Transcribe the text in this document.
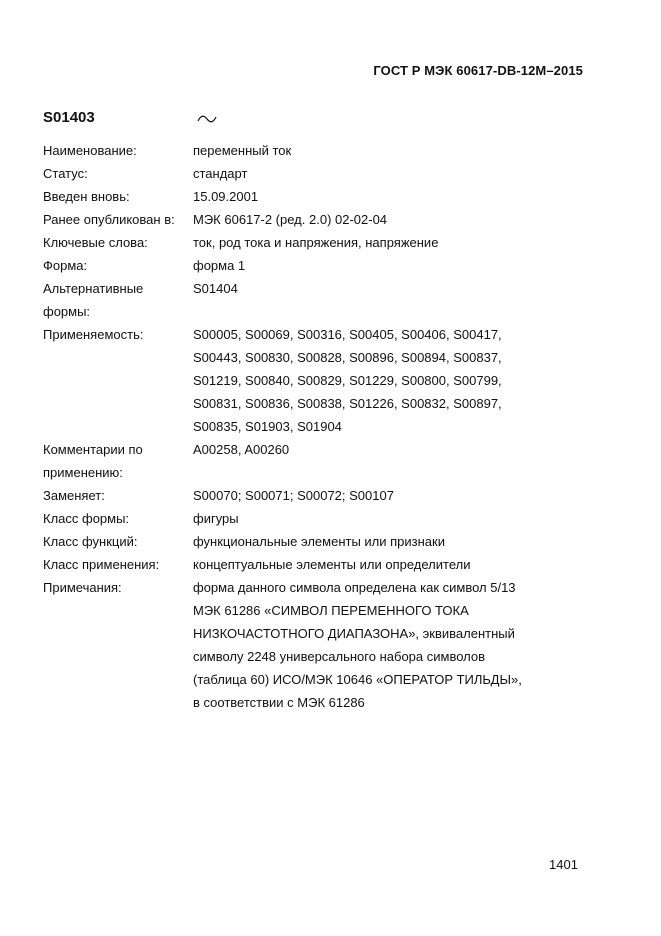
ГОСТ Р МЭК 60617-DB-12M–2015
S01403
Наименование:	переменный ток
Статус:	стандарт
Введен вновь:	15.09.2001
Ранее опубликован в:	МЭК 60617-2 (ред. 2.0) 02-02-04
Ключевые слова:	ток, род тока и напряжения, напряжение
Форма:	форма 1
Альтернативные
формы:
S01404
Применяемость:	S00005, S00069, S00316, S00405, S00406, S00417,
S00443, S00830, S00828, S00896, S00894, S00837,
S01219, S00840, S00829, S01229, S00800, S00799,
S00831, S00836, S00838, S01226, S00832, S00897,
S00835, S01903, S01904
Комментарии по
применению:
A00258, A00260
Заменяет:	S00070; S00071; S00072; S00107
Класс формы:	фигуры
Класс функций:	функциональные элементы или признаки
Класс применения:	концептуальные элементы или определители
Примечания:	форма данного символа определена как символ 5/13
МЭК 61286 «СИМВОЛ ПЕРЕМЕННОГО ТОКА
НИЗКОЧАСТОТНОГО ДИАПАЗОНА», эквивалентный
символу 2248 универсального набора символов
(таблица 60) ИСО/МЭК 10646 «ОПЕРАТОР ТИЛЬДЫ»,
в соответствии с МЭК 61286
1401
